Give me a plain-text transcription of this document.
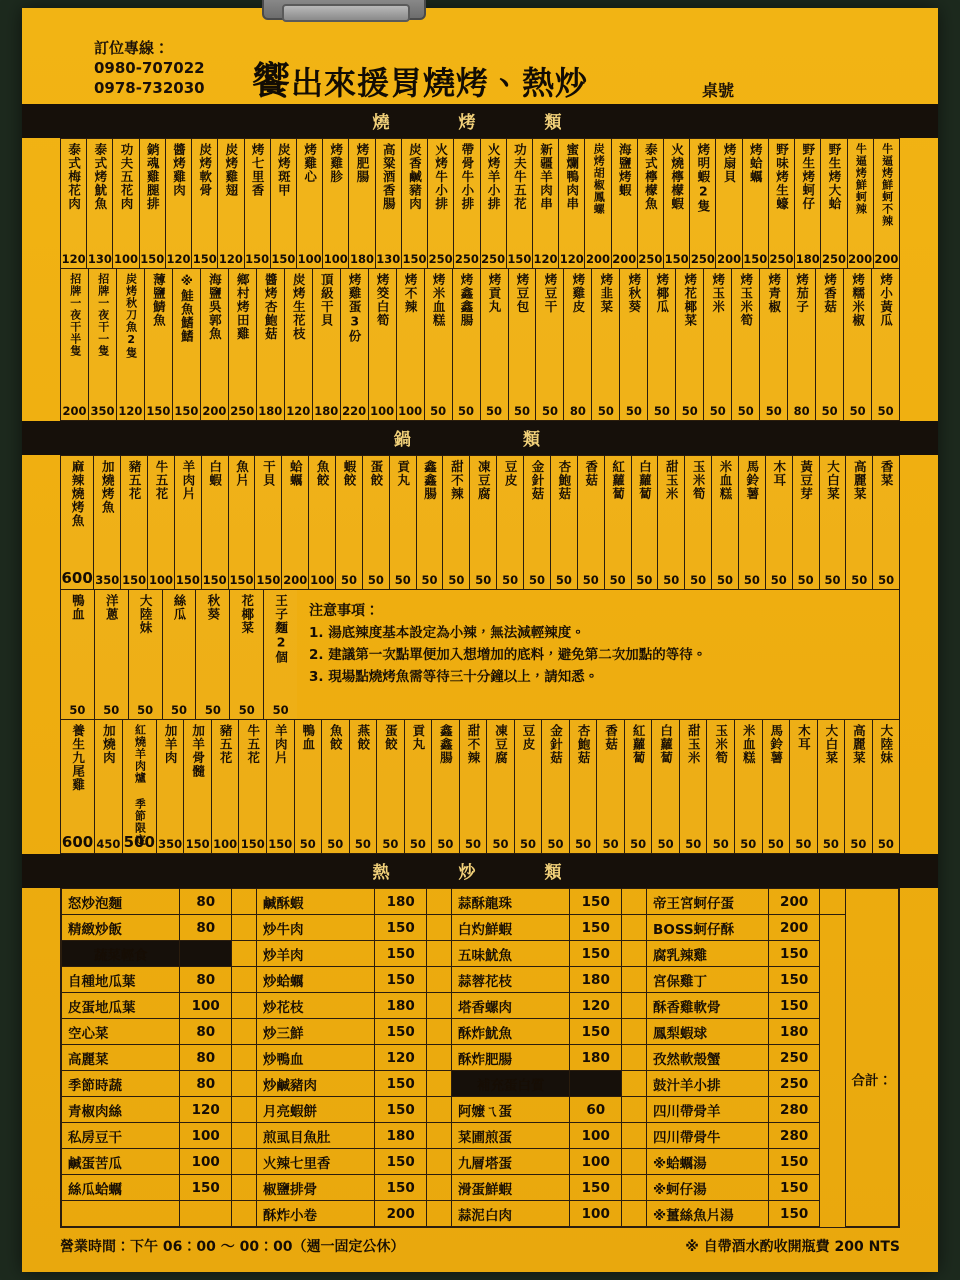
訂位專線：
0980-707022
0978-732030 饗出來援胃燒烤、熱炒	桌號
燒　烤　類
泰式梅花肉
120
泰式烤魷魚
130
功夫五花肉
100
銷魂雞腿排
150
醬烤雞肉
120
炭烤軟骨
150
炭烤雞翅
120
烤七里香
150
炭烤斑甲
150
烤雞心
100
烤雞胗
100
烤肥腸
180
高粱酒香腸
130
炭香鹹豬肉
150
火烤牛小排
250
帶骨牛小排
250
火烤羊小排
250
功夫牛五花
150
新疆羊肉串
120
蜜爛鴨肉串
120
炭烤胡椒鳳螺
200
海鹽烤蝦
200
泰式檸檬魚
250
火燒檸檬蝦
150
烤明蝦2隻
250
烤扇貝
200
烤蛤蠣
150
野味烤生蠔
250
野生烤蚵仔
180
野生烤大蛤
250
牛逼烤鮮蚵辣
200
牛逼烤鮮蚵不辣
200
招牌一夜干半隻
200
招牌一夜干一隻
350
炭烤秋刀魚2隻
120
薄鹽鯖魚
150
※鮭魚鰭鰭
150
海鹽吳郭魚
200
鄉村烤田雞
250
醬烤杏鮑菇
180
炭烤生花枝
120
頂級干貝
180
烤雞蛋3份
220
烤筊白筍
100
烤不辣
100
烤米血糕
50
烤鑫鑫腸
50
烤貢丸
50
烤豆包
50
烤豆干
50
烤雞皮
80
烤韭菜
50
烤秋葵
50
烤椰瓜
50
烤花椰菜
50
烤玉米
50
烤玉米筍
50
烤青椒
50
烤茄子
80
烤香菇
50
烤糯米椒
50
烤小黃瓜
50
鍋　　類
麻辣燒烤魚
600
加燒烤魚
350
豬五花
150
牛五花
100
羊肉片
150
白蝦
150
魚片
150
干貝
150
蛤蠣
200
魚餃
100
蝦餃
50
蛋餃
50
貢丸
50
鑫鑫腸
50
甜不辣
50
凍豆腐
50
豆皮
50
金針菇
50
杏鮑菇
50
香菇
50
紅蘿蔔
50
白蘿蔔
50
甜玉米
50
玉米筍
50
米血糕
50
馬鈴薯
50
木耳
50
黃豆芽
50
大白菜
50
高麗菜
50
香菜
50
鴨血
50
洋蔥
50
大陸妹
50
絲瓜
50
秋葵
50
花椰菜
50
王子麵2個
50
注意事項：
1. 湯底辣度基本設定為小辣，無法減輕辣度。
2. 建議第一次點單便加入想增加的底料，避免第二次加點的等待。
3. 現場點燒烤魚需等待三十分鐘以上，請知悉。
養生九尾雞
600
加燒肉
450 紅燒羊肉爐 季節限定
500
加羊肉
350
加羊骨髓
150
豬五花
100
牛五花
150
羊肉片
150
鴨血
50
魚餃
50
燕餃
50
蛋餃
50
貢丸
50
鑫鑫腸
50
甜不辣
50
凍豆腐
50
豆皮
50
金針菇
50
杏鮑菇
50
香菇
50
紅蘿蔔
50
白蘿蔔
50
甜玉米
50
玉米筍
50
米血糕
50
馬鈴薯
50
木耳
50
大白菜
50
高麗菜
50
大陸妹
50
熱　炒　類
怒炒泡麵	80		鹹酥蝦	180		蒜酥龍珠	150		帝王宮蚵仔蛋	200		合計：

精緻炒飯	80		炒牛肉	150		白灼鮮蝦	150		BOSS蚵仔酥	200		
蔬菜輕食			炒羊肉	150		五味魷魚	150		腐乳辣雞	150		
自種地瓜葉	80		炒蛤蠣	150		蒜蓉花枝	180		宮保雞丁	150		
皮蛋地瓜葉	100		炒花枝	180		塔香螺肉	120		酥香雞軟骨	150		
空心菜	80		炒三鮮	150		酥炸魷魚	150		鳳梨蝦球	180		
高麗菜	80		炒鴨血	120		酥炸肥腸	180		孜然軟殼蟹	250		
季節時蔬	80		炒鹹豬肉	150		補充蛋白質			鼓汁羊小排	250		
青椒肉絲	120		月亮蝦餅	150		阿嬤ㄟ蛋	60		四川帶骨羊	280		
私房豆干	100		煎虱目魚肚	180		菜圃煎蛋	100		四川帶骨牛	280		
鹹蛋苦瓜	100		火辣七里香	150		九層塔蛋	100		※蛤蠣湯	150		
絲瓜蛤蠣	150		椒鹽排骨	150		滑蛋鮮蝦	150		※蚵仔湯	150		
			酥炸小卷	200		蒜泥白肉	100		※薑絲魚片湯	150		
營業時間：下午 06：00 ～ 00：00（週一固定公休）	※ 自帶酒水酌收開瓶費 200 NTS
